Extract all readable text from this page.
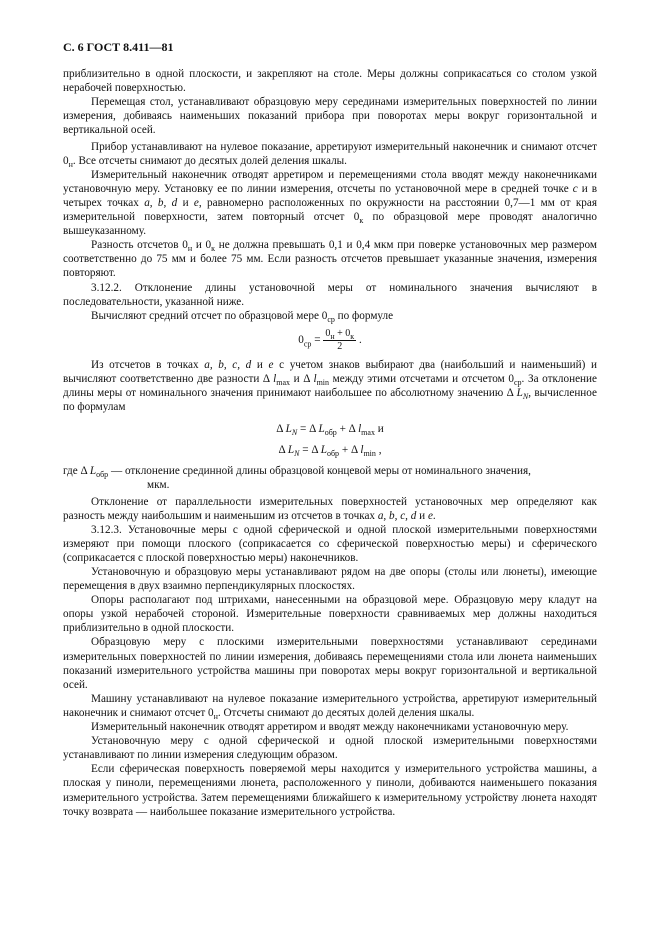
С. 6 ГОСТ 8.411—81

приблизительно в одной плоскости, и закрепляют на столе. Меры должны соприкасаться со столом узкой нерабочей поверхностью.

Перемещая стол, устанавливают образцовую меру серединами измерительных поверхностей по линии измерения, добиваясь наименьших показаний прибора при поворотах меры вокруг горизонтальной и вертикальной осей.

Прибор устанавливают на нулевое показание, арретируют измерительный наконечник и снимают отсчет $0_н$. Все отсчеты снимают до десятых долей деления шкалы.

Измерительный наконечник отводят арретиром и перемещениями стола вводят между наконечниками установочную меру. Установку ее по линии измерения, отсчеты по установочной мере в средней точке с и в четырех точках a, b, d и e, равномерно расположенных по окружности на расстоянии 0,7—1 мм от края измерительной поверхности, затем повторный отсчет $0_к$ по образцовой мере проводят аналогично вышеуказанному.

Разность отсчетов $0_н$ и $0_к$ не должна превышать 0,1 и 0,4 мкм при поверке установочных мер размером соответственно до 75 мм и более 75 мм. Если разность отсчетов превышает указанные значения, измерения повторяют.

3.12.2. Отклонение длины установочной меры от номинального значения вычисляют в последовательности, указанной ниже.

Вычисляют средний отсчет по образцовой мере $0_{ср}$ по формуле

$0_{ср} = \frac{0_н + 0_к}{2}$ .

Из отсчетов в точках a, b, c, d и e с учетом знаков выбирают два (наибольший и наименьший) и вычисляют соответственно две разности Δ $l_{max}$ и Δ $l_{min}$ между этими отсчетами и отсчетом $0_{ср}$. За отклонение длины меры от номинального значения принимают наибольшее по абсолютному значению Δ $L_N$, вычисленное по формулам

Δ $L_N = \Delta$ $L_{обр} + \Delta$ $l_{max}$ и
Δ $L_N = \Delta$ $L_{обр} + \Delta$ $l_{min}$ ,

где Δ $L_{обр}$ — отклонение срединной длины образцовой концевой меры от номинального значения,
мкм.

Отклонение от параллельности измерительных поверхностей установочных мер определяют как разность между наибольшим и наименьшим из отсчетов в точках a, b, c, d и e.

3.12.3. Установочные меры с одной сферической и одной плоской измерительными поверхностями измеряют при помощи плоского (соприкасается со сферической поверхностью меры) и сферического (соприкасается с плоской поверхностью меры) наконечников.

Установочную и образцовую меры устанавливают рядом на две опоры (столы или люнеты), имеющие перемещения в двух взаимно перпендикулярных плоскостях.

Опоры располагают под штрихами, нанесенными на образцовой мере. Образцовую меру кладут на опоры узкой нерабочей стороной. Измерительные поверхности сравниваемых мер должны находиться приблизительно в одной плоскости.

Образцовую меру с плоскими измерительными поверхностями устанавливают серединами измерительных поверхностей по линии измерения, добиваясь перемещениями стола или люнета наименьших показаний измерительного устройства машины при поворотах меры вокруг горизонтальной и вертикальной осей.

Машину устанавливают на нулевое показание измерительного устройства, арретируют измерительный наконечник и снимают отсчет $0_н$. Отсчеты снимают до десятых долей деления шкалы.

Измерительный наконечник отводят арретиром и вводят между наконечниками установочную меру.

Установочную меру с одной сферической и одной плоской измерительными поверхностями устанавливают по линии измерения следующим образом.

Если сферическая поверхность поверяемой меры находится у измерительного устройства машины, а плоская у пиноли, перемещениями люнета, расположенного у пиноли, добиваются наименьшего показания измерительного устройства. Затем перемещениями ближайшего к измерительному устройству люнета находят точку возврата — наибольшее показание измерительного устройства.
